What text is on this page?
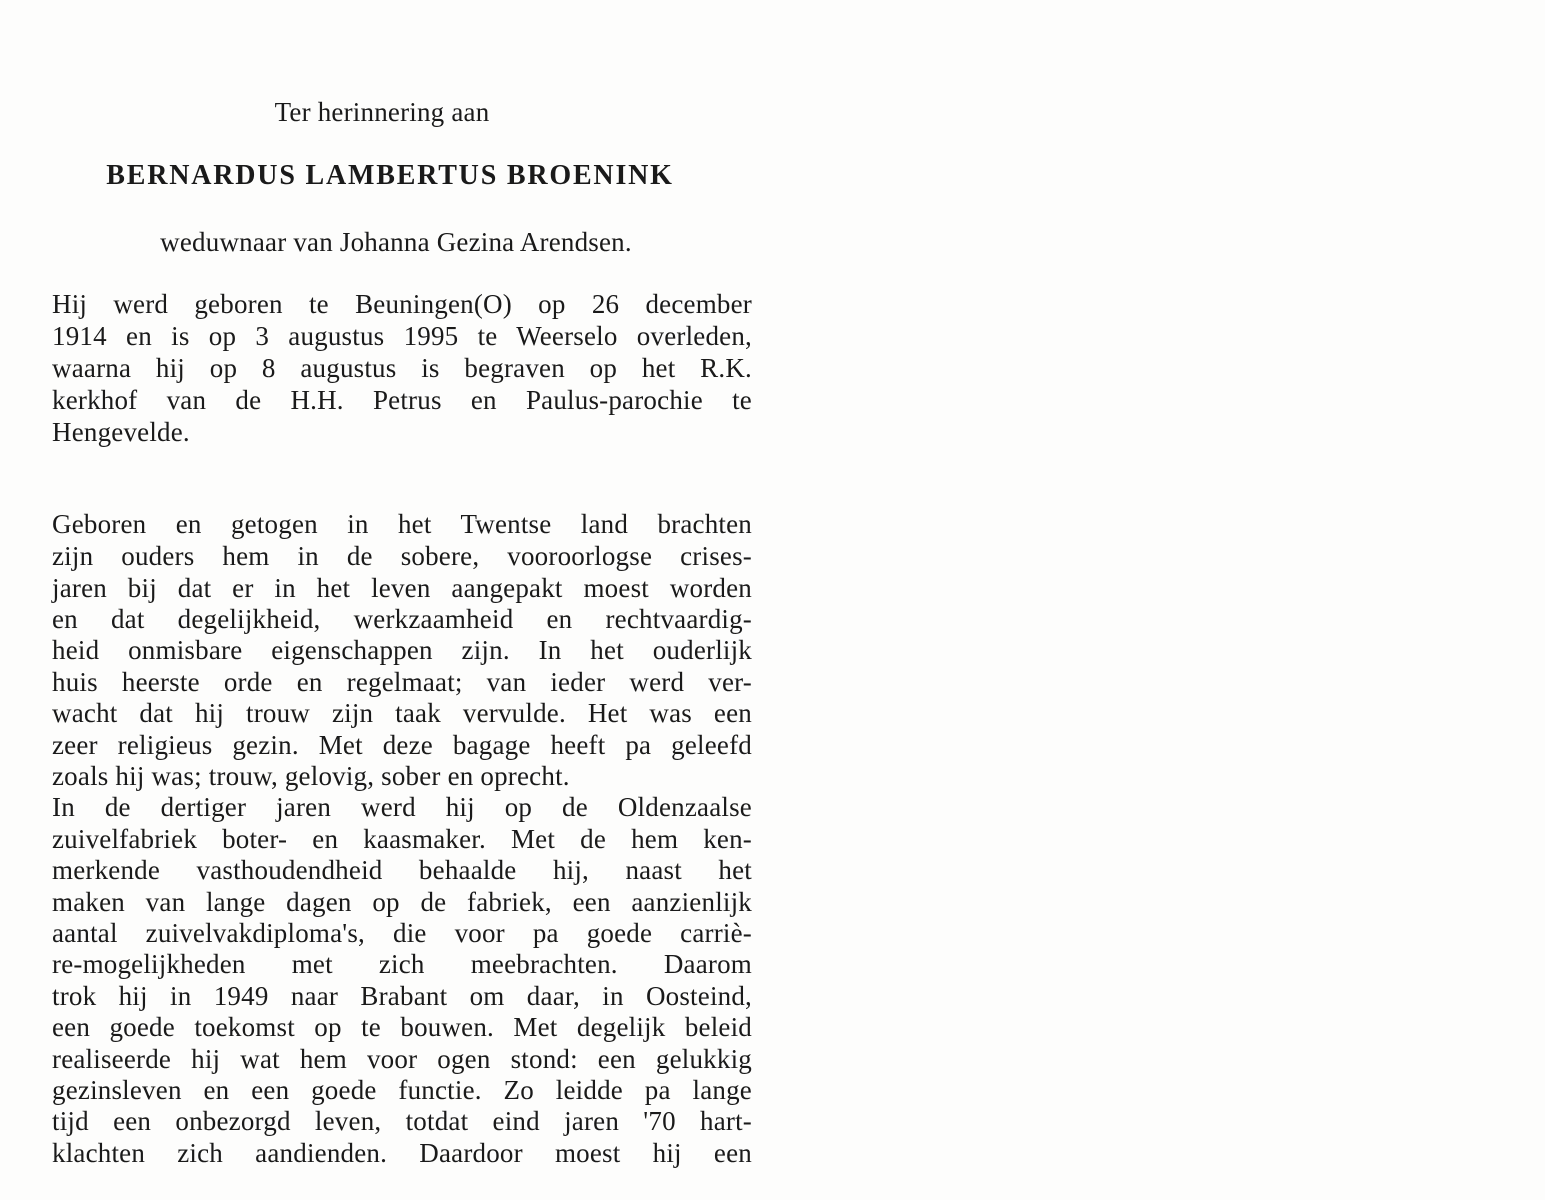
Ter herinnering aan
BERNARDUS LAMBERTUS BROENINK
weduwnaar van Johanna Gezina Arendsen.
Hij werd geboren te Beuningen(O) op 26 december
1914 en is op 3 augustus 1995 te Weerselo overleden,
waarna hij op 8 augustus is begraven op het R.K.
kerkhof van de H.H. Petrus en Paulus-parochie te
Hengevelde.
Geboren en getogen in het Twentse land brachten
zijn ouders hem in de sobere, vooroorlogse crises-
jaren bij dat er in het leven aangepakt moest worden
en dat degelijkheid, werkzaamheid en rechtvaardig-
heid onmisbare eigenschappen zijn. In het ouderlijk
huis heerste orde en regelmaat; van ieder werd ver-
wacht dat hij trouw zijn taak vervulde. Het was een
zeer religieus gezin. Met deze bagage heeft pa geleefd
zoals hij was; trouw, gelovig, sober en oprecht.
In de dertiger jaren werd hij op de Oldenzaalse
zuivelfabriek boter- en kaasmaker. Met de hem ken-
merkende vasthoudendheid behaalde hij, naast het
maken van lange dagen op de fabriek, een aanzienlijk
aantal zuivelvakdiploma's, die voor pa goede carriè-
re-mogelijkheden met zich meebrachten. Daarom
trok hij in 1949 naar Brabant om daar, in Oosteind,
een goede toekomst op te bouwen. Met degelijk beleid
realiseerde hij wat hem voor ogen stond: een gelukkig
gezinsleven en een goede functie. Zo leidde pa lange
tijd een onbezorgd leven, totdat eind jaren '70 hart-
klachten zich aandienden. Daardoor moest hij een
